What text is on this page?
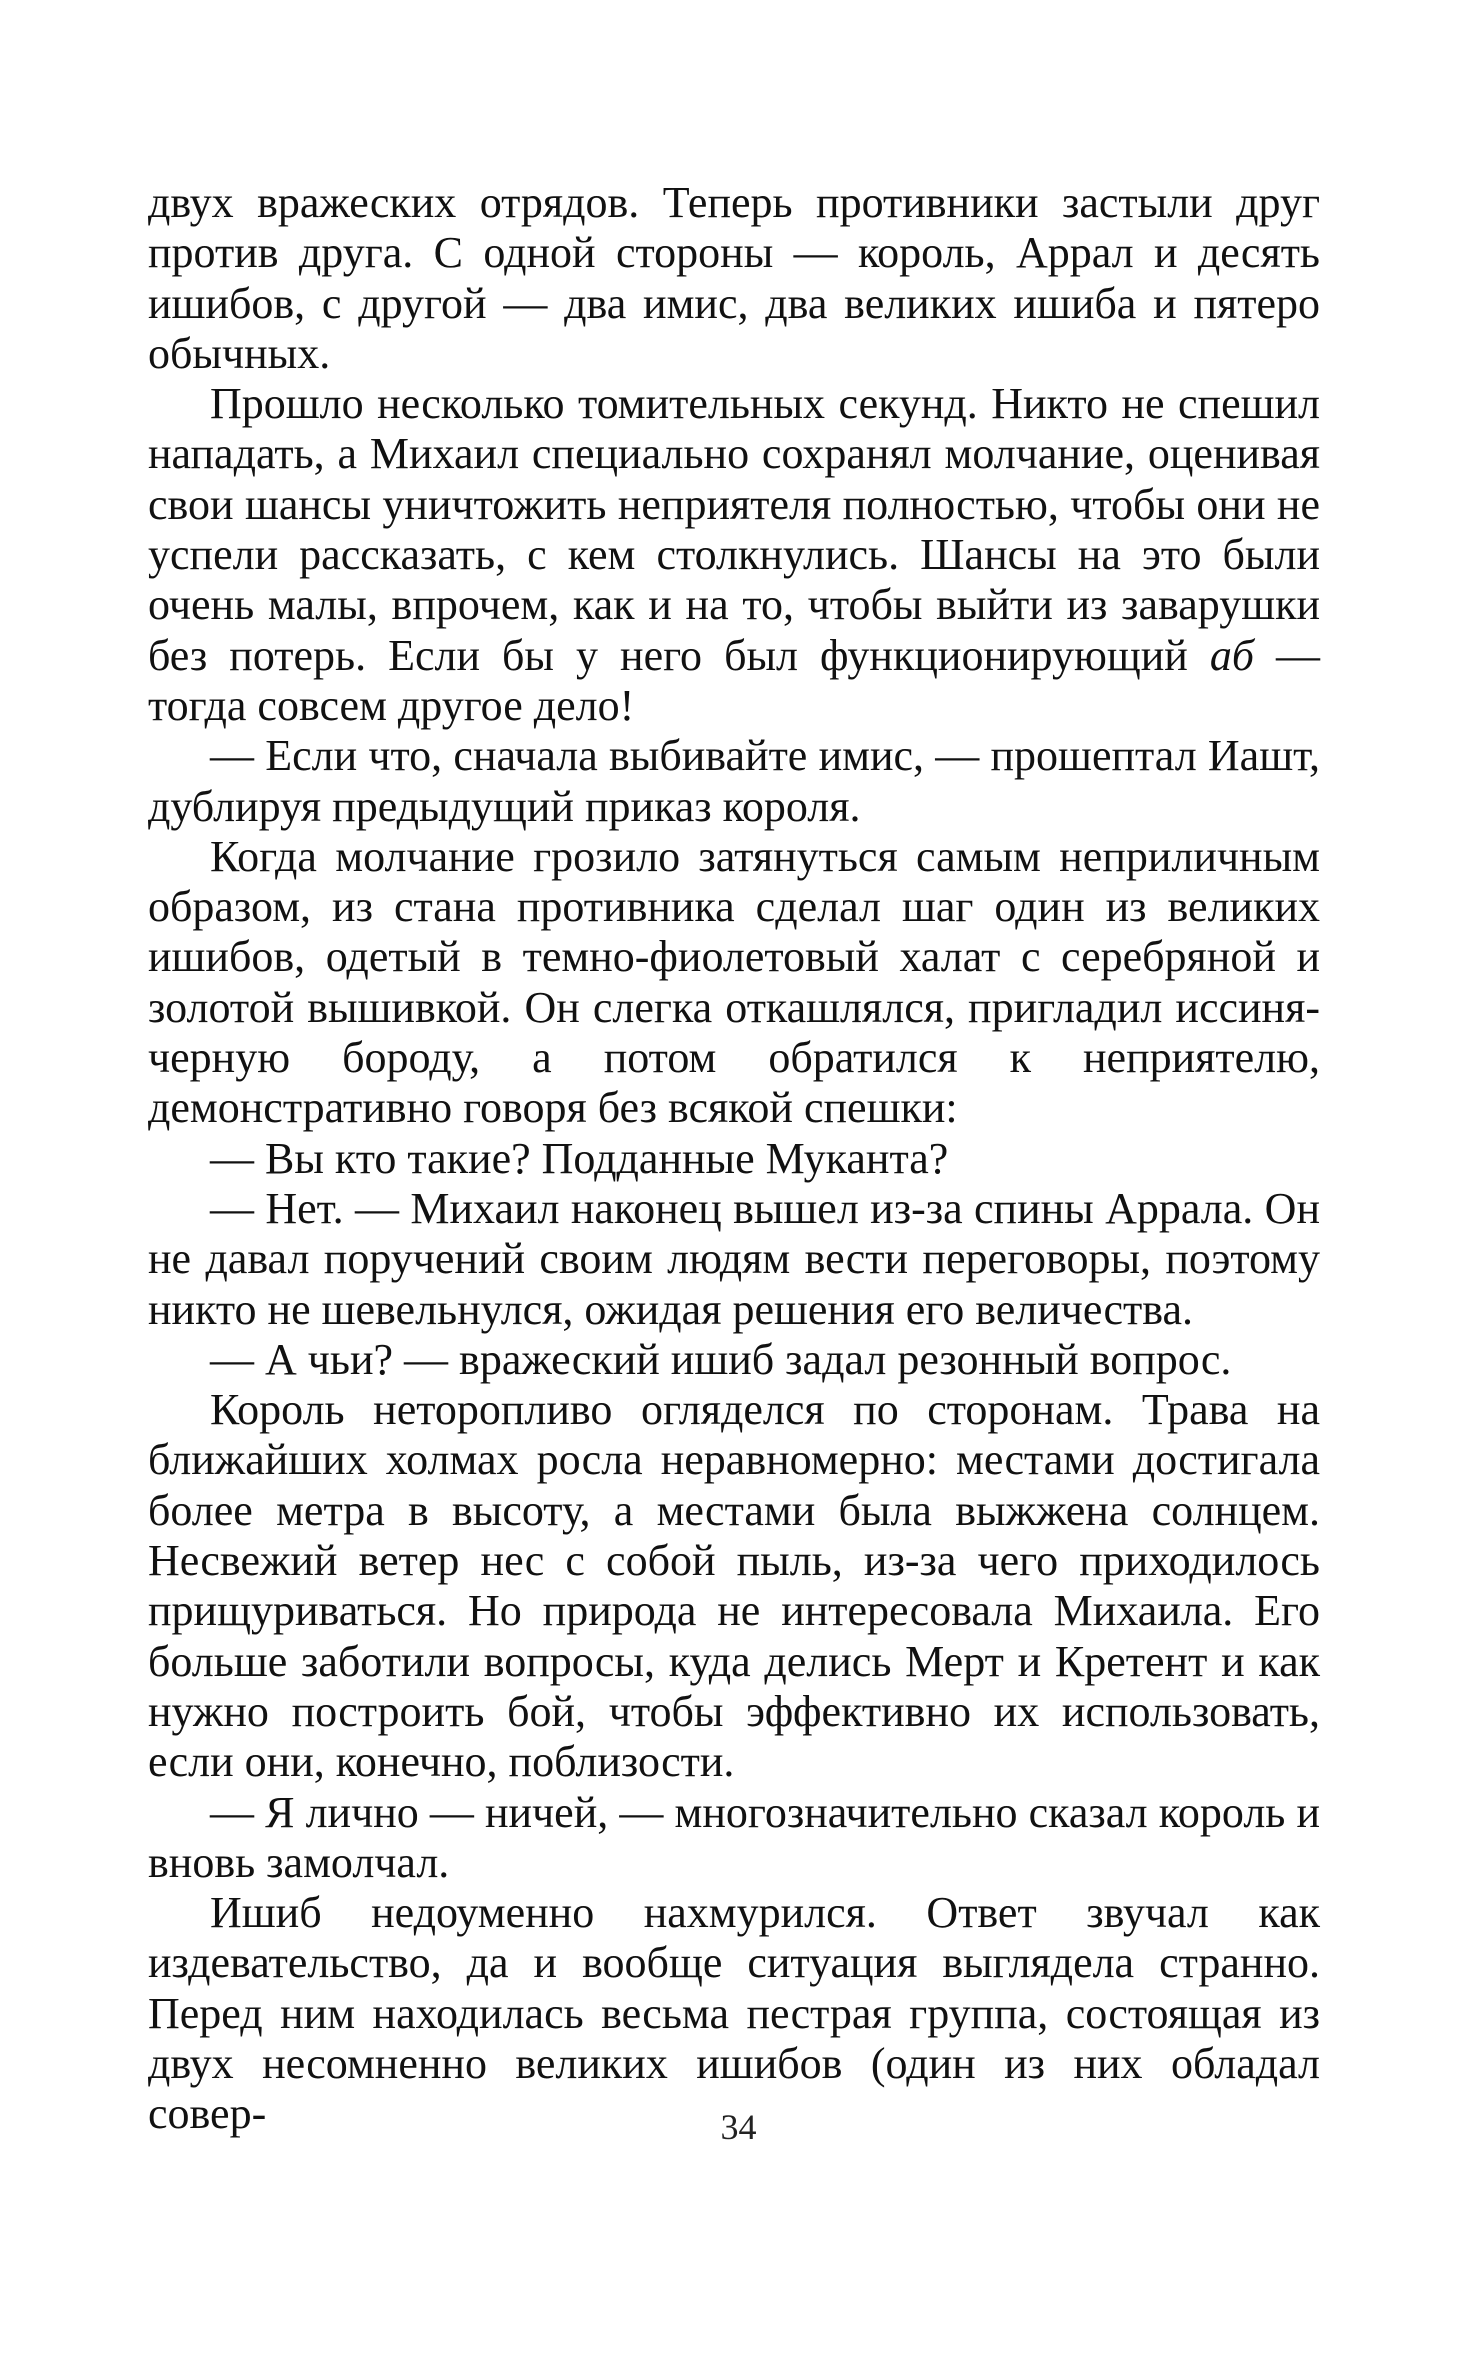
двух вражеских отрядов. Теперь противники застыли друг против друга. С одной стороны — король, Аррал и десять ишибов, с другой — два имис, два великих ишиба и пятеро обычных.

Прошло несколько томительных секунд. Никто не спешил нападать, а Михаил специально сохранял молчание, оценивая свои шансы уничтожить неприятеля полностью, чтобы они не успели рассказать, с кем столкнулись. Шансы на это были очень малы, впрочем, как и на то, чтобы выйти из заварушки без потерь. Если бы у него был функционирующий аб — тогда совсем другое дело!

— Если что, сначала выбивайте имис, — прошептал Иашт, дублируя предыдущий приказ короля.

Когда молчание грозило затянуться самым неприличным образом, из стана противника сделал шаг один из великих ишибов, одетый в темно-фиолетовый халат с серебряной и золотой вышивкой. Он слегка откашлялся, пригладил иссиня-черную бороду, а потом обратился к неприятелю, демонстративно говоря без всякой спешки:

— Вы кто такие? Подданные Муканта?

— Нет. — Михаил наконец вышел из-за спины Аррала. Он не давал поручений своим людям вести переговоры, поэтому никто не шевельнулся, ожидая решения его величества.

— А чьи? — вражеский ишиб задал резонный вопрос.

Король неторопливо огляделся по сторонам. Трава на ближайших холмах росла неравномерно: местами достигала более метра в высоту, а местами была выжжена солнцем. Несвежий ветер нес с собой пыль, из-за чего приходилось прищуриваться. Но природа не интересовала Михаила. Его больше заботили вопросы, куда делись Мерт и Кретент и как нужно построить бой, чтобы эффективно их использовать, если они, конечно, поблизости.

— Я лично — ничей, — многозначительно сказал король и вновь замолчал.

Ишиб недоуменно нахмурился. Ответ звучал как издевательство, да и вообще ситуация выглядела странно. Перед ним находилась весьма пестрая группа, состоящая из двух несомненно великих ишибов (один из них обладал совер-	34
